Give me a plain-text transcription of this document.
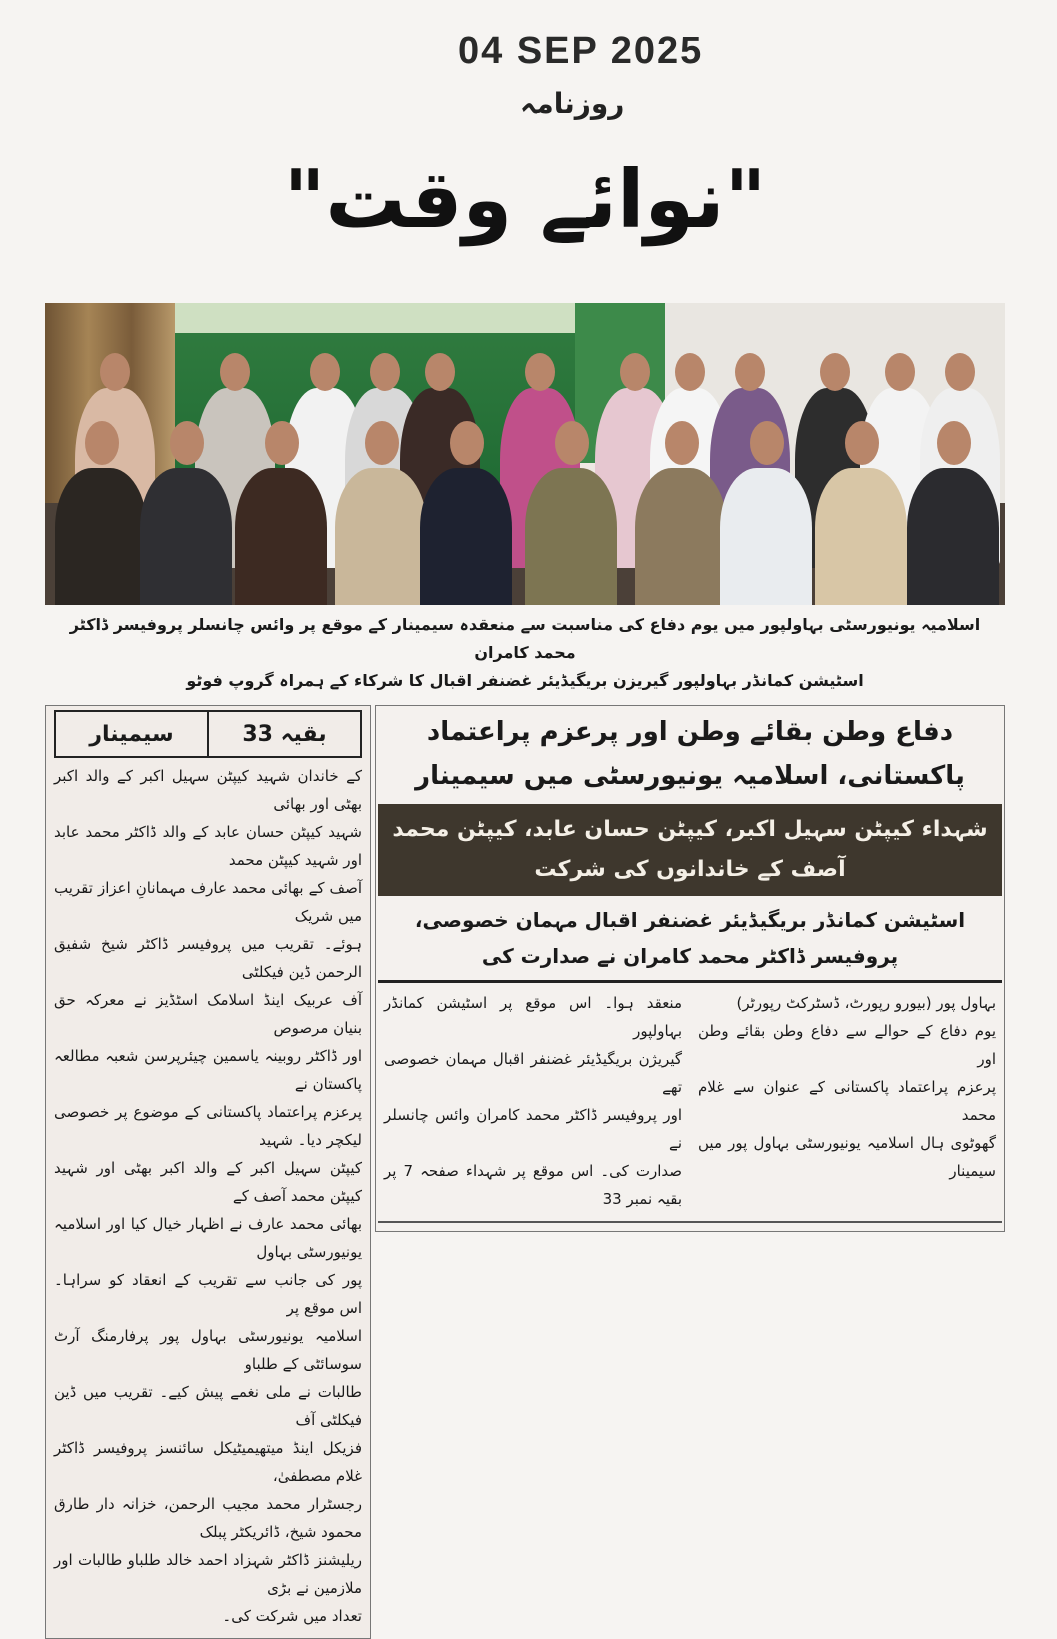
04 SEP 2025
روزنامہ
"نوائے وقت"
اسلامیہ یونیورسٹی بہاولپور میں یوم دفاع کی مناسبت سے منعقدہ سیمینار کے موقع پر وائس چانسلر پروفیسر ڈاکٹر محمد کامران
اسٹیشن کمانڈر بہاولپور گیریزن بریگیڈیئر غضنفر اقبال کا شرکاء کے ہمراہ گروپ فوٹو
دفاع وطن بقائے وطن اور پرعزم پراعتماد پاکستانی، اسلامیہ یونیورسٹی میں سیمینار
شہداء کیپٹن سہیل اکبر، کیپٹن حسان عابد، کیپٹن محمد آصف کے خاندانوں کی شرکت
اسٹیشن کمانڈر بریگیڈیئر غضنفر اقبال مہمان خصوصی، پروفیسر ڈاکٹر محمد کامران نے صدارت کی
بہاول پور (بیورو رپورٹ، ڈسٹرکٹ رپورٹر)
یوم دفاع کے حوالے سے دفاع وطن بقائے وطن اور
پرعزم پراعتماد پاکستانی کے عنوان سے غلام محمد
گھوٹوی ہال اسلامیہ یونیورسٹی بہاول پور میں سیمینار
منعقد ہوا۔ اس موقع پر اسٹیشن کمانڈر بہاولپور
گیریژن بریگیڈیئر غضنفر اقبال مہمان خصوصی تھے
اور پروفیسر ڈاکٹر محمد کامران وائس چانسلر نے
صدارت کی۔ اس موقع پر شہداء صفحہ 7 پر بقیہ نمبر 33
سیمینار	بقیہ 33
کے خاندان شہید کیپٹن سہیل اکبر کے والد اکبر بھٹی اور بھائی
شہید کیپٹن حسان عابد کے والد ڈاکٹر محمد عابد اور شہید کیپٹن محمد
آصف کے بھائی محمد عارف مہمانانِ اعزاز تقریب میں شریک
ہوئے۔ تقریب میں پروفیسر ڈاکٹر شیخ شفیق الرحمن ڈین فیکلٹی
آف عربیک اینڈ اسلامک اسٹڈیز نے معرکہ حق بنیان مرصوص
اور ڈاکٹر روبینہ یاسمین چیئرپرسن شعبہ مطالعہ پاکستان نے
پرعزم پراعتماد پاکستانی کے موضوع پر خصوصی لیکچر دیا۔ شہید
کیپٹن سہیل اکبر کے والد اکبر بھٹی اور شہید کیپٹن محمد آصف کے
بھائی محمد عارف نے اظہار خیال کیا اور اسلامیہ یونیورسٹی بہاول
پور کی جانب سے تقریب کے انعقاد کو سراہا۔ اس موقع پر
اسلامیہ یونیورسٹی بہاول پور پرفارمنگ آرٹ سوسائٹی کے طلباو
طالبات نے ملی نغمے پیش کیے۔ تقریب میں ڈین فیکلٹی آف
فزیکل اینڈ میتھیمیٹیکل سائنسز پروفیسر ڈاکٹر غلام مصطفیٰ،
رجسٹرار محمد مجیب الرحمن، خزانہ دار طارق محمود شیخ، ڈائریکٹر پبلک
ریلیشنز ڈاکٹر شہزاد احمد خالد طلباو طالبات اور ملازمین نے بڑی
تعداد میں شرکت کی۔
